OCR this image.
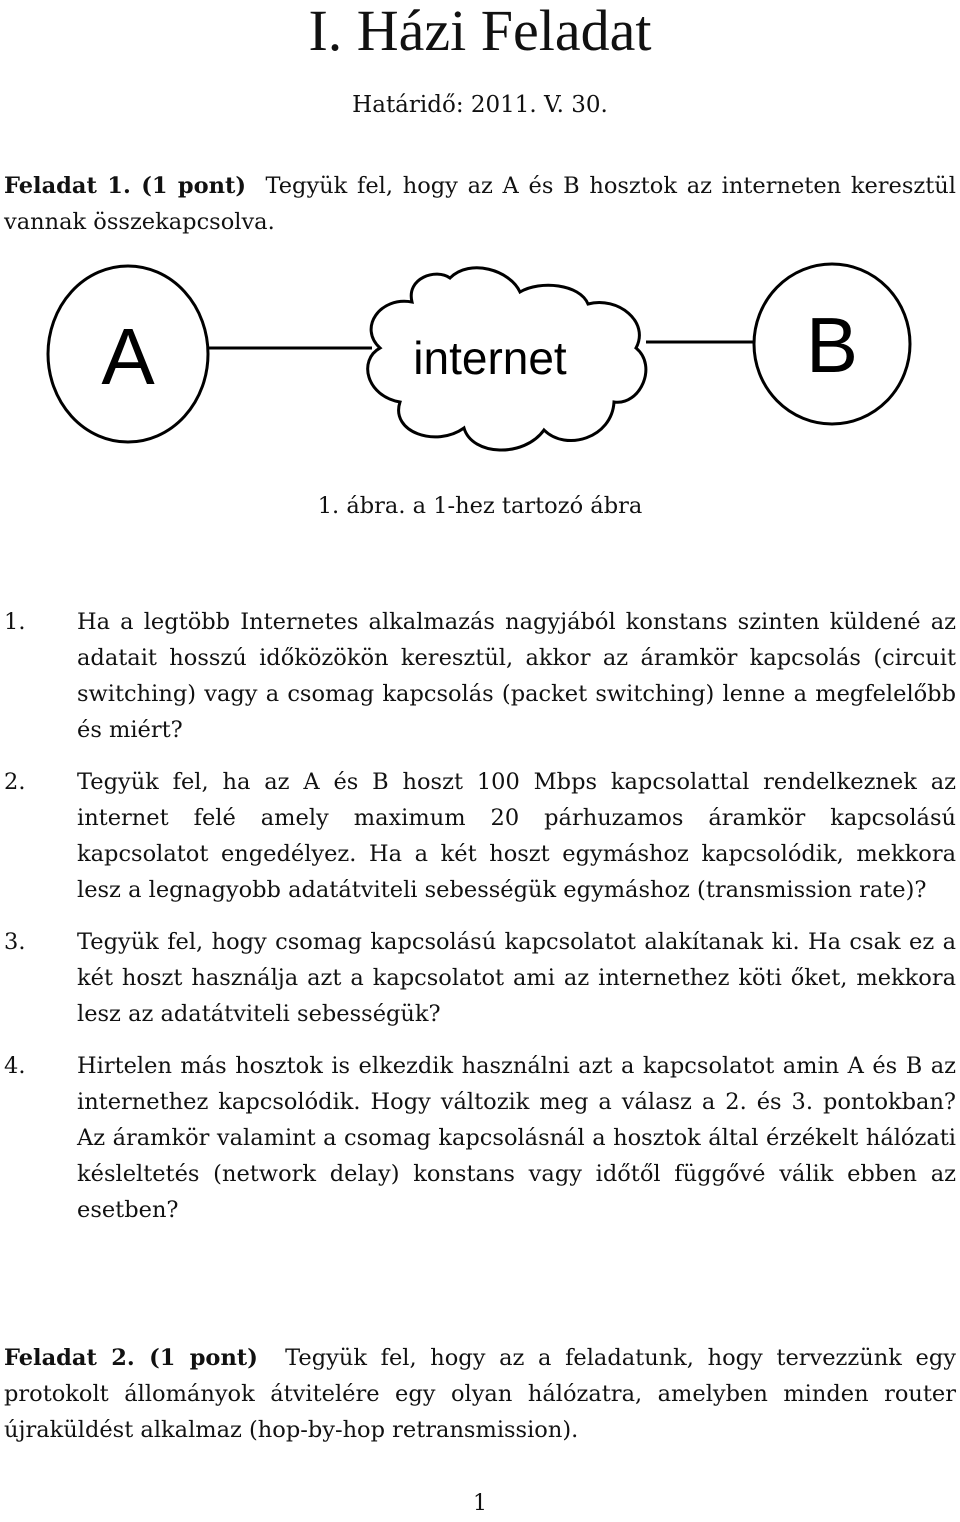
I. Házi Feladat
Határidő: 2011. V. 30.

Feladat 1. (1 pont) Tegyük fel, hogy az A és B hosztok az interneten keresztül vannak összekapcsolva.

A	internet	B
1. ábra. a 1-hez tartozó ábra

1. Ha a legtöbb Internetes alkalmazás nagyjából konstans szinten küldené az adatait hosszú időközökön keresztül, akkor az áramkör kapcsolás (circuit switching) vagy a csomag kapcsolás (packet switching) lenne a megfelelőbb és miért?

2. Tegyük fel, ha az A és B hoszt 100 Mbps kapcsolattal rendelkeznek az internet felé amely maximum 20 párhuzamos áramkör kapcsolású kapcsolatot engedélyez. Ha a két hoszt egymáshoz kapcsolódik, mekkora lesz a legnagyobb adatátviteli sebességük egymáshoz (transmission rate)?

3. Tegyük fel, hogy csomag kapcsolású kapcsolatot alakítanak ki. Ha csak ez a két hoszt használja azt a kapcsolatot ami az internethez köti őket, mekkora lesz az adatátviteli sebességük?

4. Hirtelen más hosztok is elkezdik használni azt a kapcsolatot amin A és B az internethez kapcsolódik. Hogy változik meg a válasz a 2. és 3. pontokban? Az áramkör valamint a csomag kapcsolásnál a hosztok által érzékelt hálózati késleltetés (network delay) konstans vagy időtől függővé válik ebben az esetben?

Feladat 2. (1 pont) Tegyük fel, hogy az a feladatunk, hogy tervezzünk egy protokolt állományok átvitelére egy olyan hálózatra, amelyben minden router újraküldést alkalmaz (hop-by-hop retransmission).

1
